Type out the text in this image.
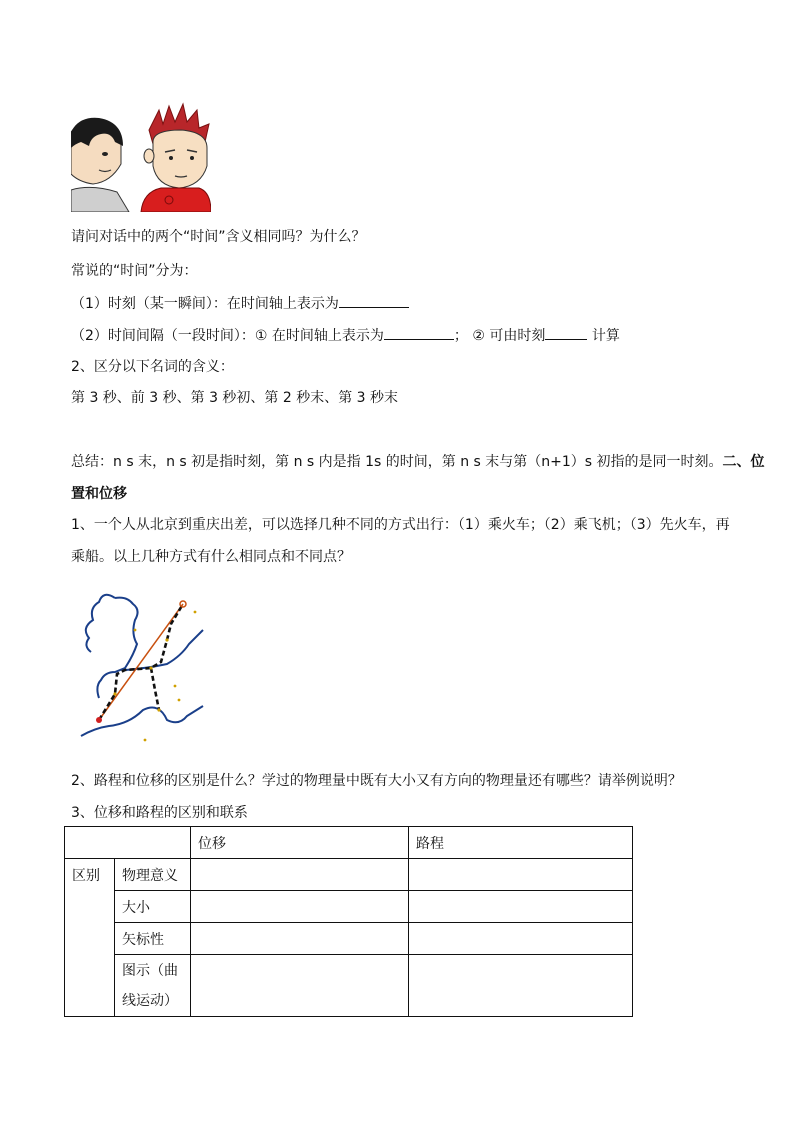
请问对话中的两个“时间”含义相同吗？为什么？
常说的“时间”分为：
（1）时刻（某一瞬间）：在时间轴上表示为
（2）时间间隔（一段时间）：① 在时间轴上表示为	； ② 可由时刻	计算
2、区分以下名词的含义：
第 3 秒、前 3 秒、第 3 秒初、第 2 秒末、第 3 秒末
总结：n s 末，n s 初是指时刻，第 n s 内是指 1s 的时间，第 n s 末与第（n+1）s 初指的是同一时刻。二、位
置和位移
1、一个人从北京到重庆出差，可以选择几种不同的方式出行：（1）乘火车；（2）乘飞机；（3）先火车，再
乘船。以上几种方式有什么相同点和不同点？
2、路程和位移的区别是什么？学过的物理量中既有大小又有方向的物理量还有哪些？请举例说明？
3、位移和路程的区别和联系
		位移	路程
区别	物理意义		
	大小		
	矢标性		

	图示（曲
线运动）		
